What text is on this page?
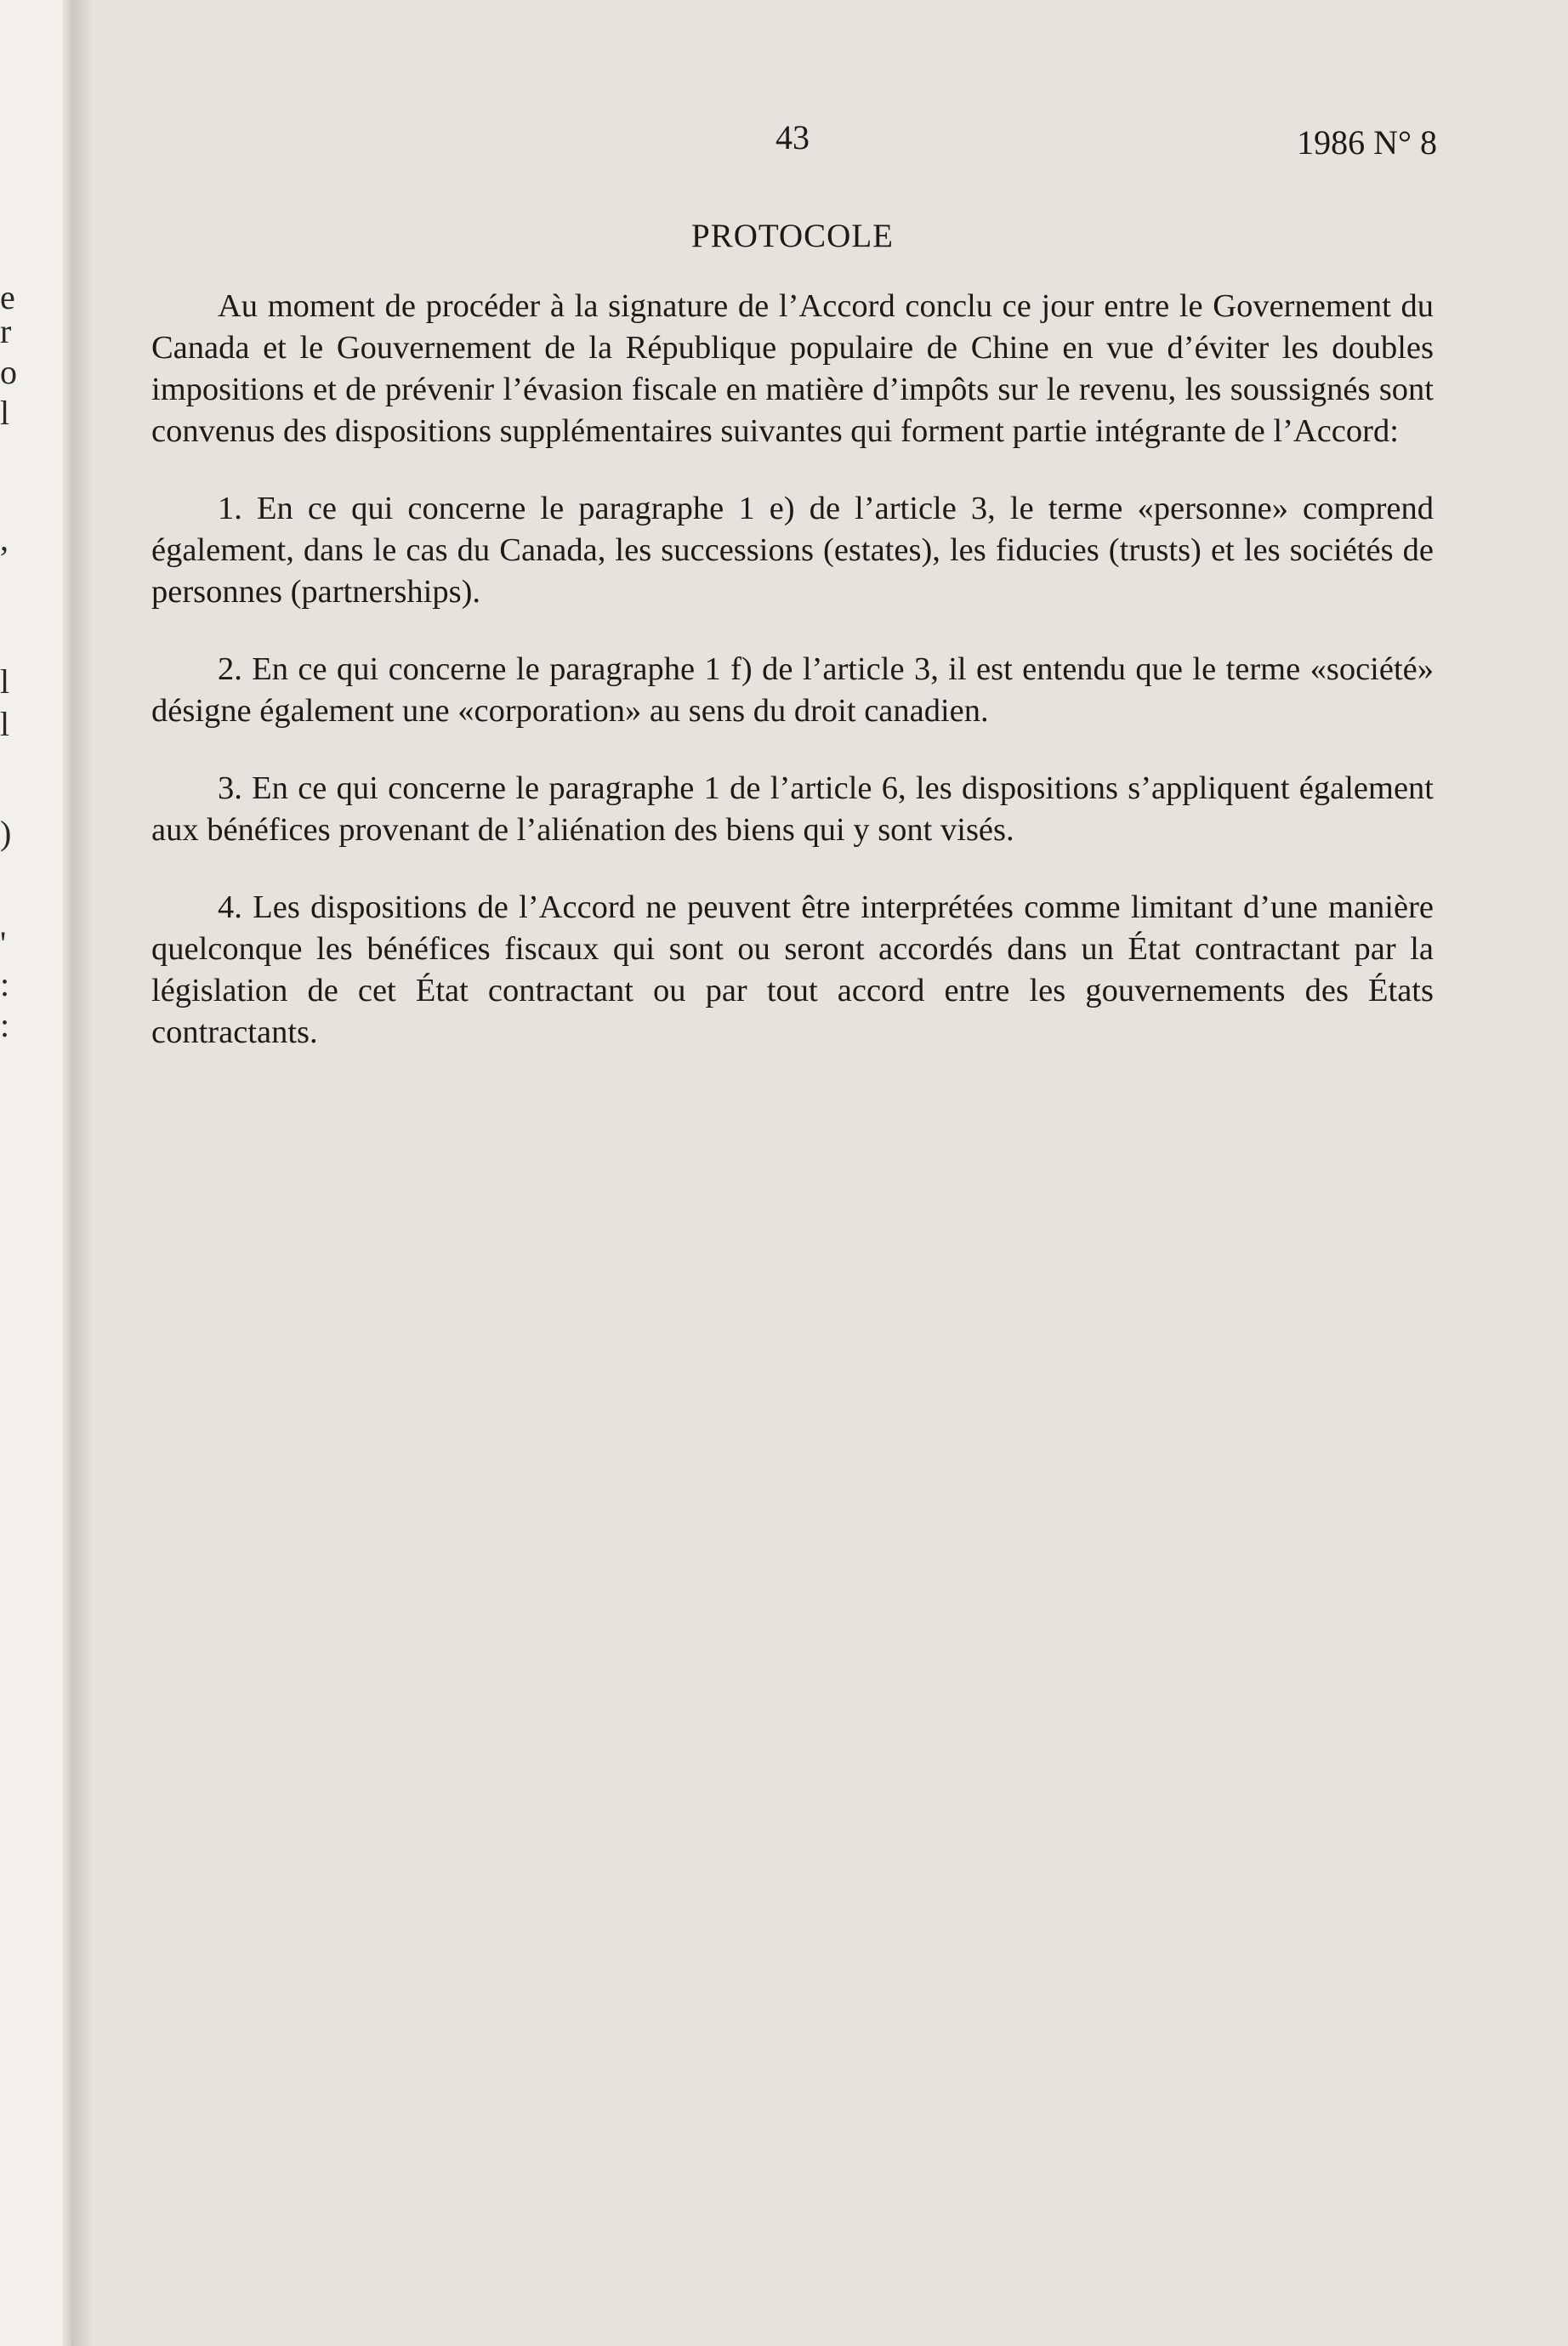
e
r
o
l
,
l
l
)
'
:
:
43	1986 N° 8
PROTOCOLE

Au moment de procéder à la signature de l’Accord conclu ce jour entre le Governement du Canada et le Gouvernement de la République populaire de Chine en vue d’éviter les doubles impositions et de prévenir l’évasion fiscale en matière d’impôts sur le revenu, les soussignés sont convenus des dispositions supplémentaires suivantes qui forment partie intégrante de l’Accord:

1. En ce qui concerne le paragraphe 1 e) de l’article 3, le terme «personne» comprend également, dans le cas du Canada, les successions (estates), les fiducies (trusts) et les sociétés de personnes (partnerships).

2. En ce qui concerne le paragraphe 1 f) de l’article 3, il est entendu que le terme «société» désigne également une «corporation» au sens du droit canadien.

3. En ce qui concerne le paragraphe 1 de l’article 6, les dispositions s’appliquent également aux bénéfices provenant de l’aliénation des biens qui y sont visés.

4. Les dispositions de l’Accord ne peuvent être interprétées comme limitant d’une manière quelconque les bénéfices fiscaux qui sont ou seront accordés dans un État contractant par la législation de cet État contractant ou par tout accord entre les gouvernements des États contractants.
